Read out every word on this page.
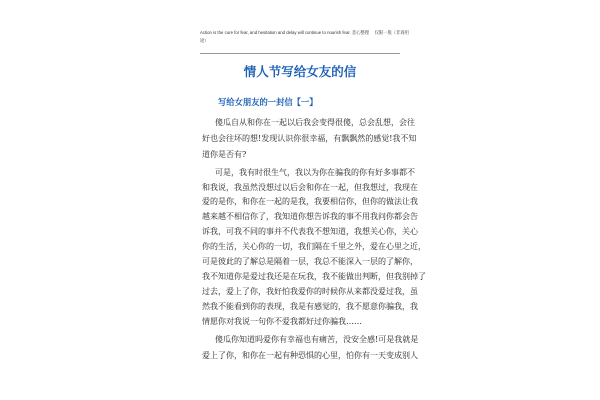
Action is the cure for fear, and hesitation and delay will continue to nourish fear. 悲心整理　 仅限一般（非商用
途）
情人节写给女友的信
写给女朋友的一封信【一】
傻瓜自从和你在一起以后我会变得很傻，总会乱想，会往
好也会往坏的想!发现认识你很幸福，有飘飘然的感觉!我不知
道你是否有?
可是，我有时很生气，我以为你在骗我的你有好多事都不
和我说，我虽然没想过以后会和你在一起，但我想过，我现在
爱的是你，和你在一起的是我，我要相信你，但你的做法让我
越来越不相信你了，我知道你想告诉我的事不用我问你都会告
诉我，可我不同的事并不代表我不想知道，我想关心你，关心
你的生活，关心你的一切，我们隔在千里之外，爱在心里之近，
可是彼此的了解总是隔着一层，我总不能深入一层的了解你，
我不知道你是爱过我还是在玩我，我不能做出判断，但我别掉了
过去，爱上了你，我好怕我爱你的时候你从来都没爱过我，虽
然我不能看到你的表现，我是有感觉的，我不愿意你骗我，我
情愿你对我说一句你不爱我都好过你骗我……
傻瓜你知道吗爱你有幸福也有痛苦，没安全感!可是我就是
爱上了你，和你在一起有种恐惧的心里，怕你有一天变成别人
